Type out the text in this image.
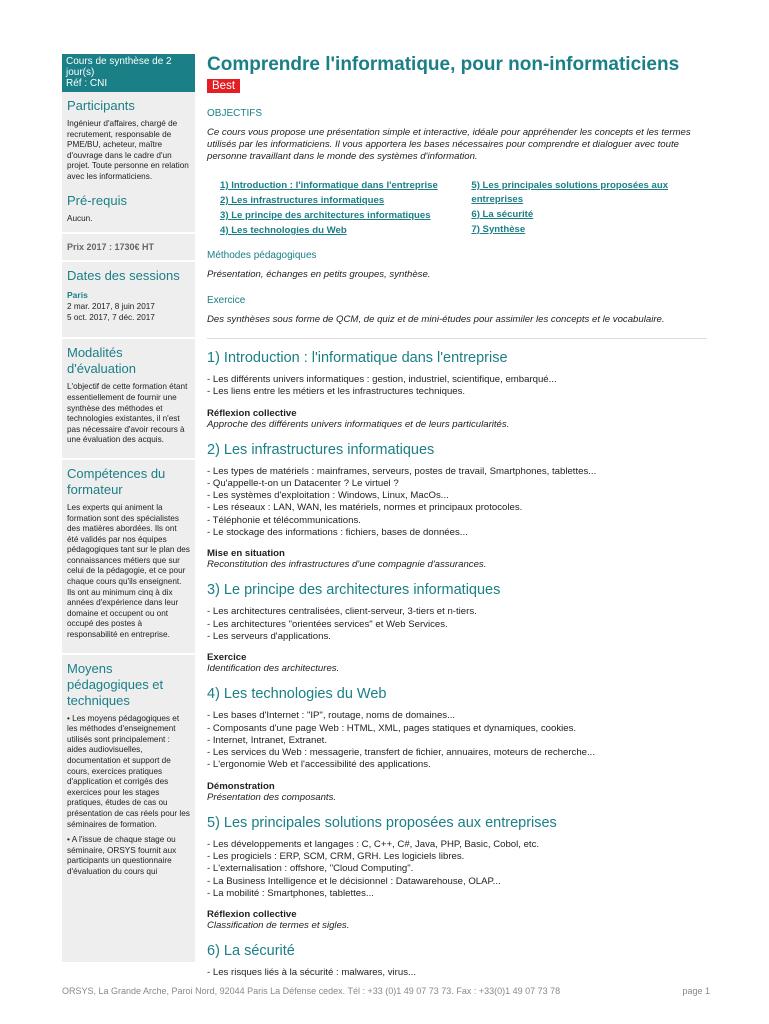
Cours de synthèse de 2 jour(s)
Réf : CNI
Participants
Ingénieur d'affaires, chargé de recrutement, responsable de PME/BU, acheteur, maître d'ouvrage dans le cadre d'un projet. Toute personne en relation avec les informaticiens.
Pré-requis
Aucun.
Prix 2017 : 1730€ HT
Dates des sessions
Paris
2 mar. 2017, 8 juin 2017
5 oct. 2017, 7 déc. 2017
Modalités d'évaluation
L'objectif de cette formation étant essentiellement de fournir une synthèse des méthodes et technologies existantes, il n'est pas nécessaire d'avoir recours à une évaluation des acquis.
Compétences du formateur
Les experts qui animent la formation sont des spécialistes des matières abordées. Ils ont été validés par nos équipes pédagogiques tant sur le plan des connaissances métiers que sur celui de la pédagogie, et ce pour chaque cours qu'ils enseignent. Ils ont au minimum cinq à dix années d'expérience dans leur domaine et occupent ou ont occupé des postes à responsabilité en entreprise.
Moyens pédagogiques et techniques
• Les moyens pédagogiques et les méthodes d'enseignement utilisés sont principalement : aides audiovisuelles, documentation et support de cours, exercices pratiques d'application et corrigés des exercices pour les stages pratiques, études de cas ou présentation de cas réels pour les séminaires de formation.
• A l'issue de chaque stage ou séminaire, ORSYS fournit aux participants un questionnaire d'évaluation du cours qui
Comprendre l'informatique, pour non-informaticiens
Best
OBJECTIFS
Ce cours vous propose une présentation simple et interactive, idéale pour appréhender les concepts et les termes utilisés par les informaticiens. Il vous apportera les bases nécessaires pour comprendre et dialoguer avec toute personne travaillant dans le monde des systèmes d'information.
1) Introduction : l'informatique dans l'entreprise
2) Les infrastructures informatiques
3) Le principe des architectures informatiques
4) Les technologies du Web
5) Les principales solutions proposées aux entreprises
6) La sécurité
7) Synthèse
Méthodes pédagogiques
Présentation, échanges en petits groupes, synthèse.
Exercice
Des synthèses sous forme de QCM, de quiz et de mini-études pour assimiler les concepts et le vocabulaire.
1) Introduction : l'informatique dans l'entreprise
- Les différents univers informatiques : gestion, industriel, scientifique, embarqué...
- Les liens entre les métiers et les infrastructures techniques.
Réflexion collective
Approche des différents univers informatiques et de leurs particularités.
2) Les infrastructures informatiques
- Les types de matériels : mainframes, serveurs, postes de travail, Smartphones, tablettes...
- Qu'appelle-t-on un Datacenter ? Le virtuel ?
- Les systèmes d'exploitation : Windows, Linux, MacOs...
- Les réseaux : LAN, WAN, les matériels, normes et principaux protocoles.
- Téléphonie et télécommunications.
- Le stockage des informations : fichiers, bases de données...
Mise en situation
Reconstitution des infrastructures d'une compagnie d'assurances.
3) Le principe des architectures informatiques
- Les architectures centralisées, client-serveur, 3-tiers et n-tiers.
- Les architectures "orientées services" et Web Services.
- Les serveurs d'applications.
Exercice
Identification des architectures.
4) Les technologies du Web
- Les bases d'Internet : "IP", routage, noms de domaines...
- Composants d'une page Web : HTML, XML, pages statiques et dynamiques, cookies.
- Internet, Intranet, Extranet.
- Les services du Web : messagerie, transfert de fichier, annuaires, moteurs de recherche...
- L'ergonomie Web et l'accessibilité des applications.
Démonstration
Présentation des composants.
5) Les principales solutions proposées aux entreprises
- Les développements et langages : C, C++, C#, Java, PHP, Basic, Cobol, etc.
- Les progiciels : ERP, SCM, CRM, GRH. Les logiciels libres.
- L'externalisation : offshore, "Cloud Computing".
- La Business Intelligence et le décisionnel : Datawarehouse, OLAP...
- La mobilité : Smartphones, tablettes...
Réflexion collective
Classification de termes et sigles.
6) La sécurité
- Les risques liés à la sécurité : malwares, virus...
ORSYS, La Grande Arche, Paroi Nord, 92044 Paris La Défense cedex. Tél : +33 (0)1 49 07 73 73. Fax : +33(0)1 49 07 73 78	page 1
